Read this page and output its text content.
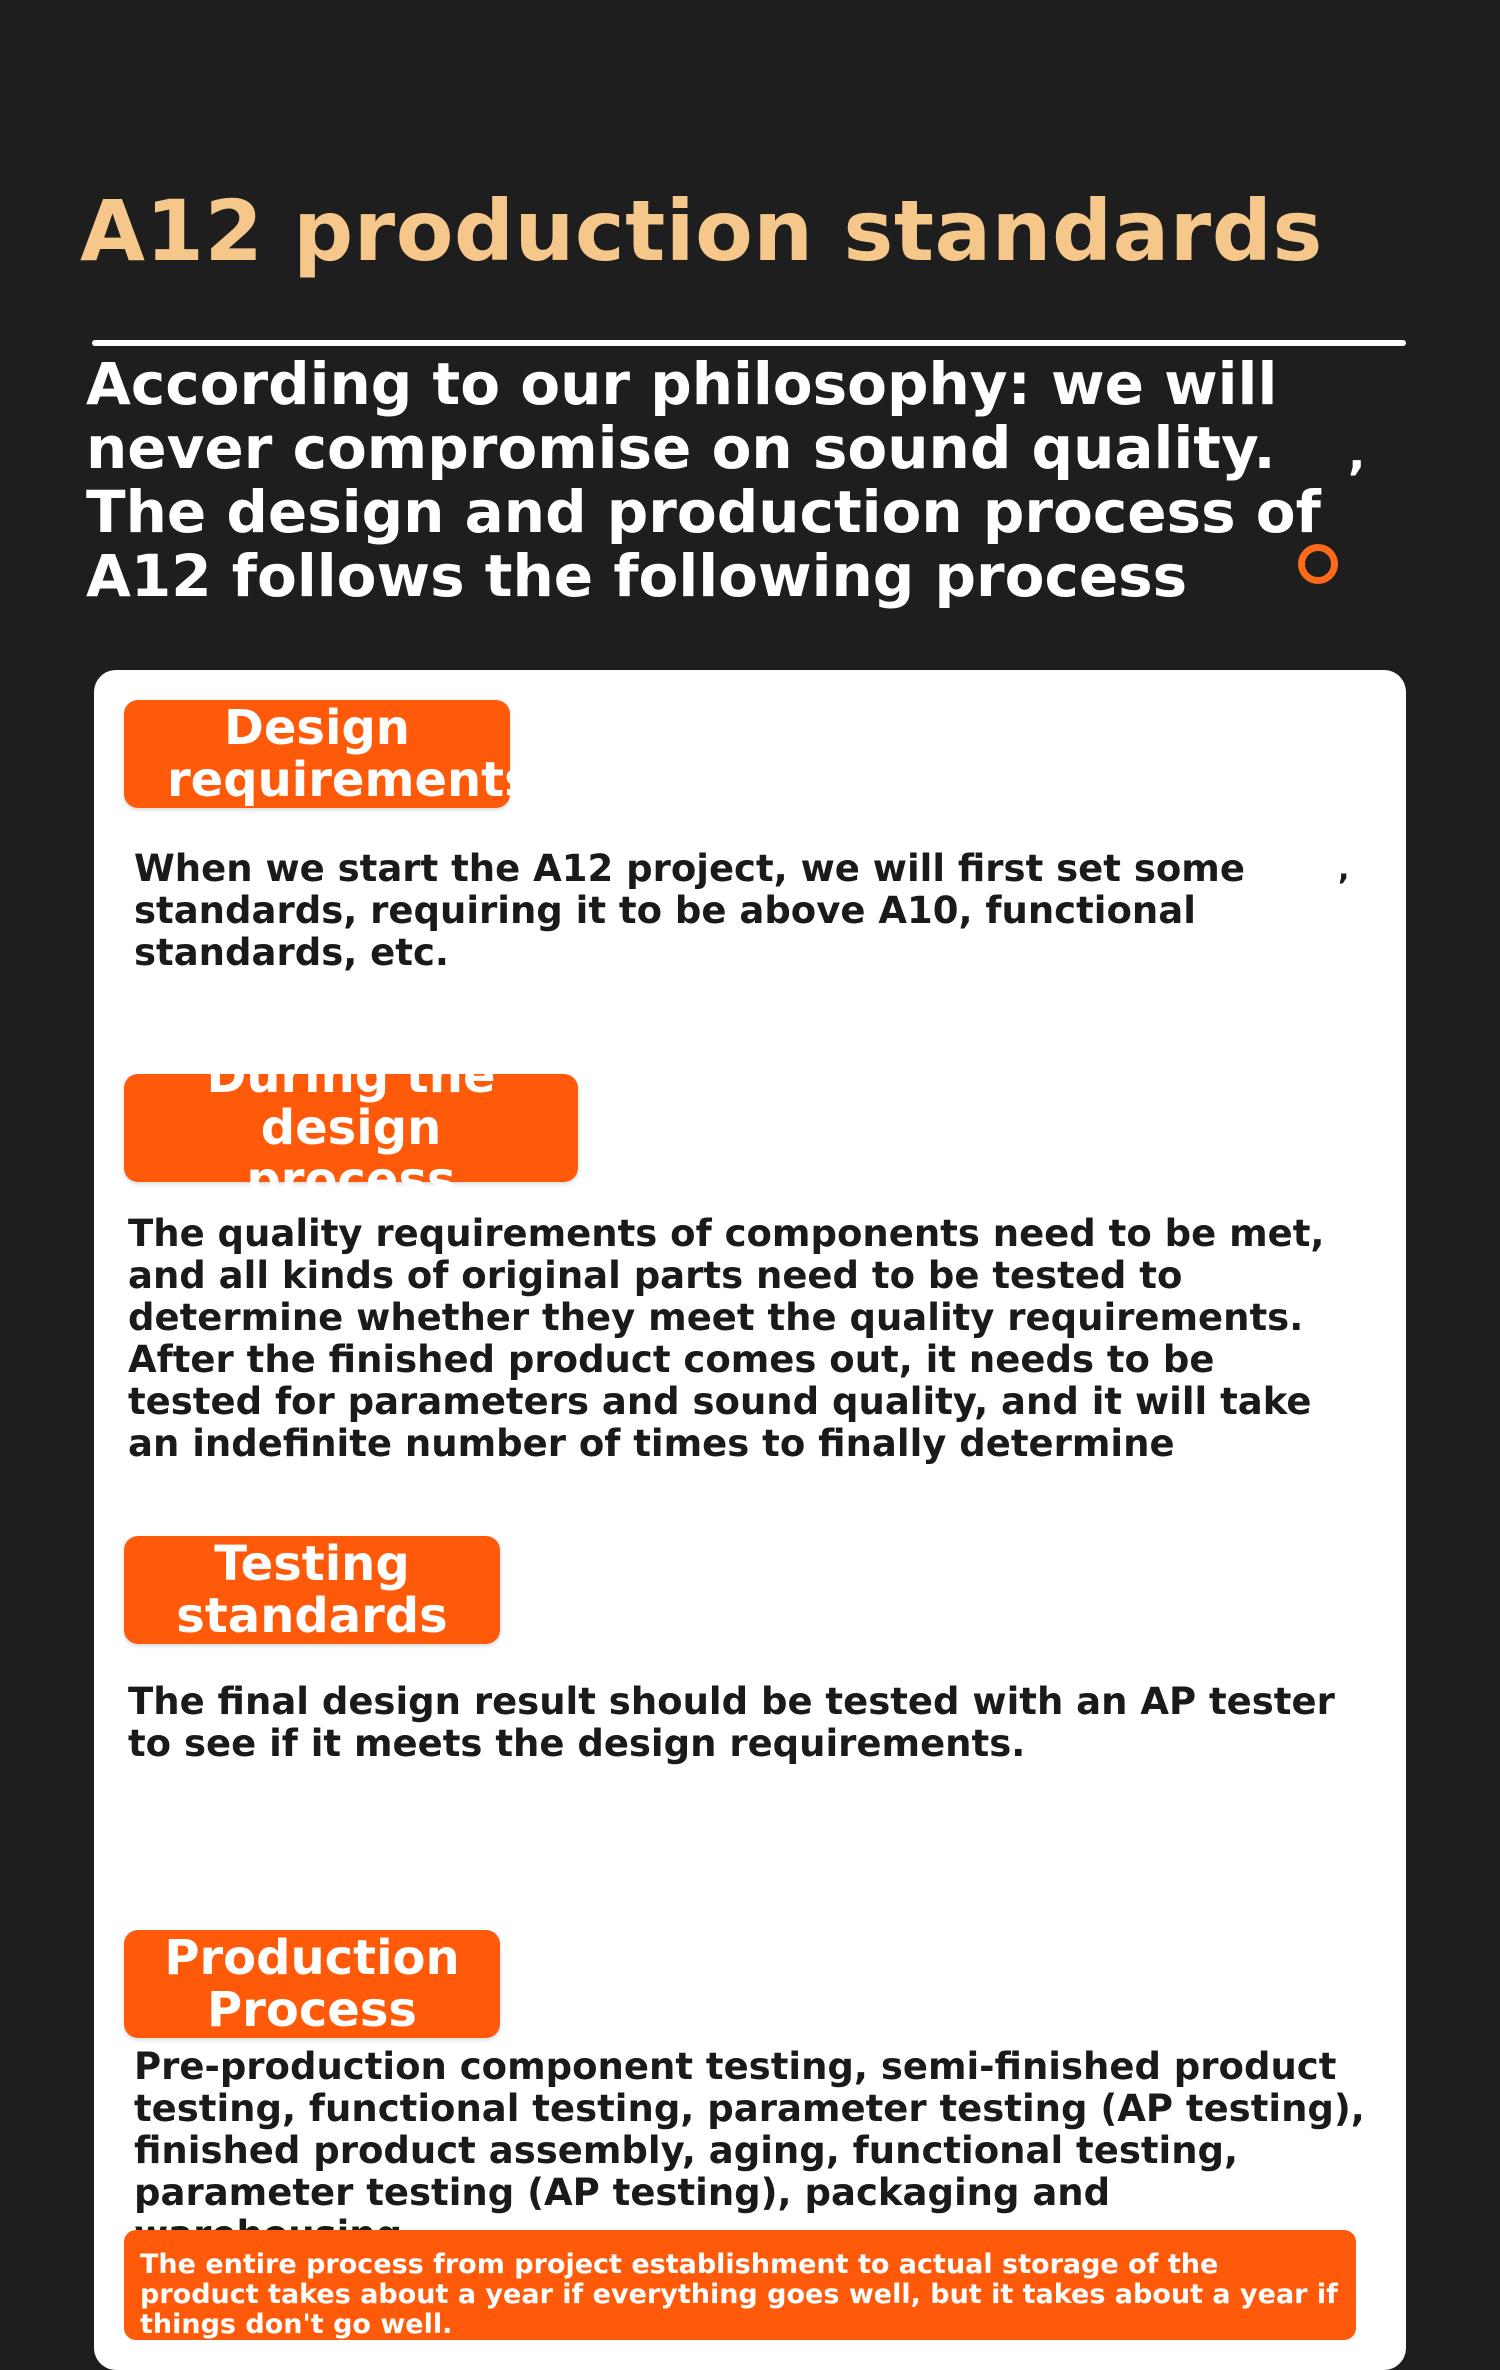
A12 production standards

According to our philosophy: we will never compromise on sound quality.

The design and production process of A12 follows the following process

,
Design requirements:

When we start the A12 project, we will first set some standards, requiring it to be above A10, functional standards, etc.

,
During the design process

The quality requirements of components need to be met, and all kinds of original parts need to be tested to determine whether they meet the quality requirements. After the finished product comes out, it needs to be tested for parameters and sound quality, and it will take an indefinite number of times to finally determine

Testing standards

The final design result should be tested with an AP tester to see if it meets the design requirements.

Production Process

Pre-production component testing, semi-finished product testing, functional testing, parameter testing (AP testing), finished product assembly, aging, functional testing, parameter testing (AP testing), packaging and

The entire process from project establishment to actual storage of the product takes about a year if everything goes well, but it takes about a year if things don't go well.
